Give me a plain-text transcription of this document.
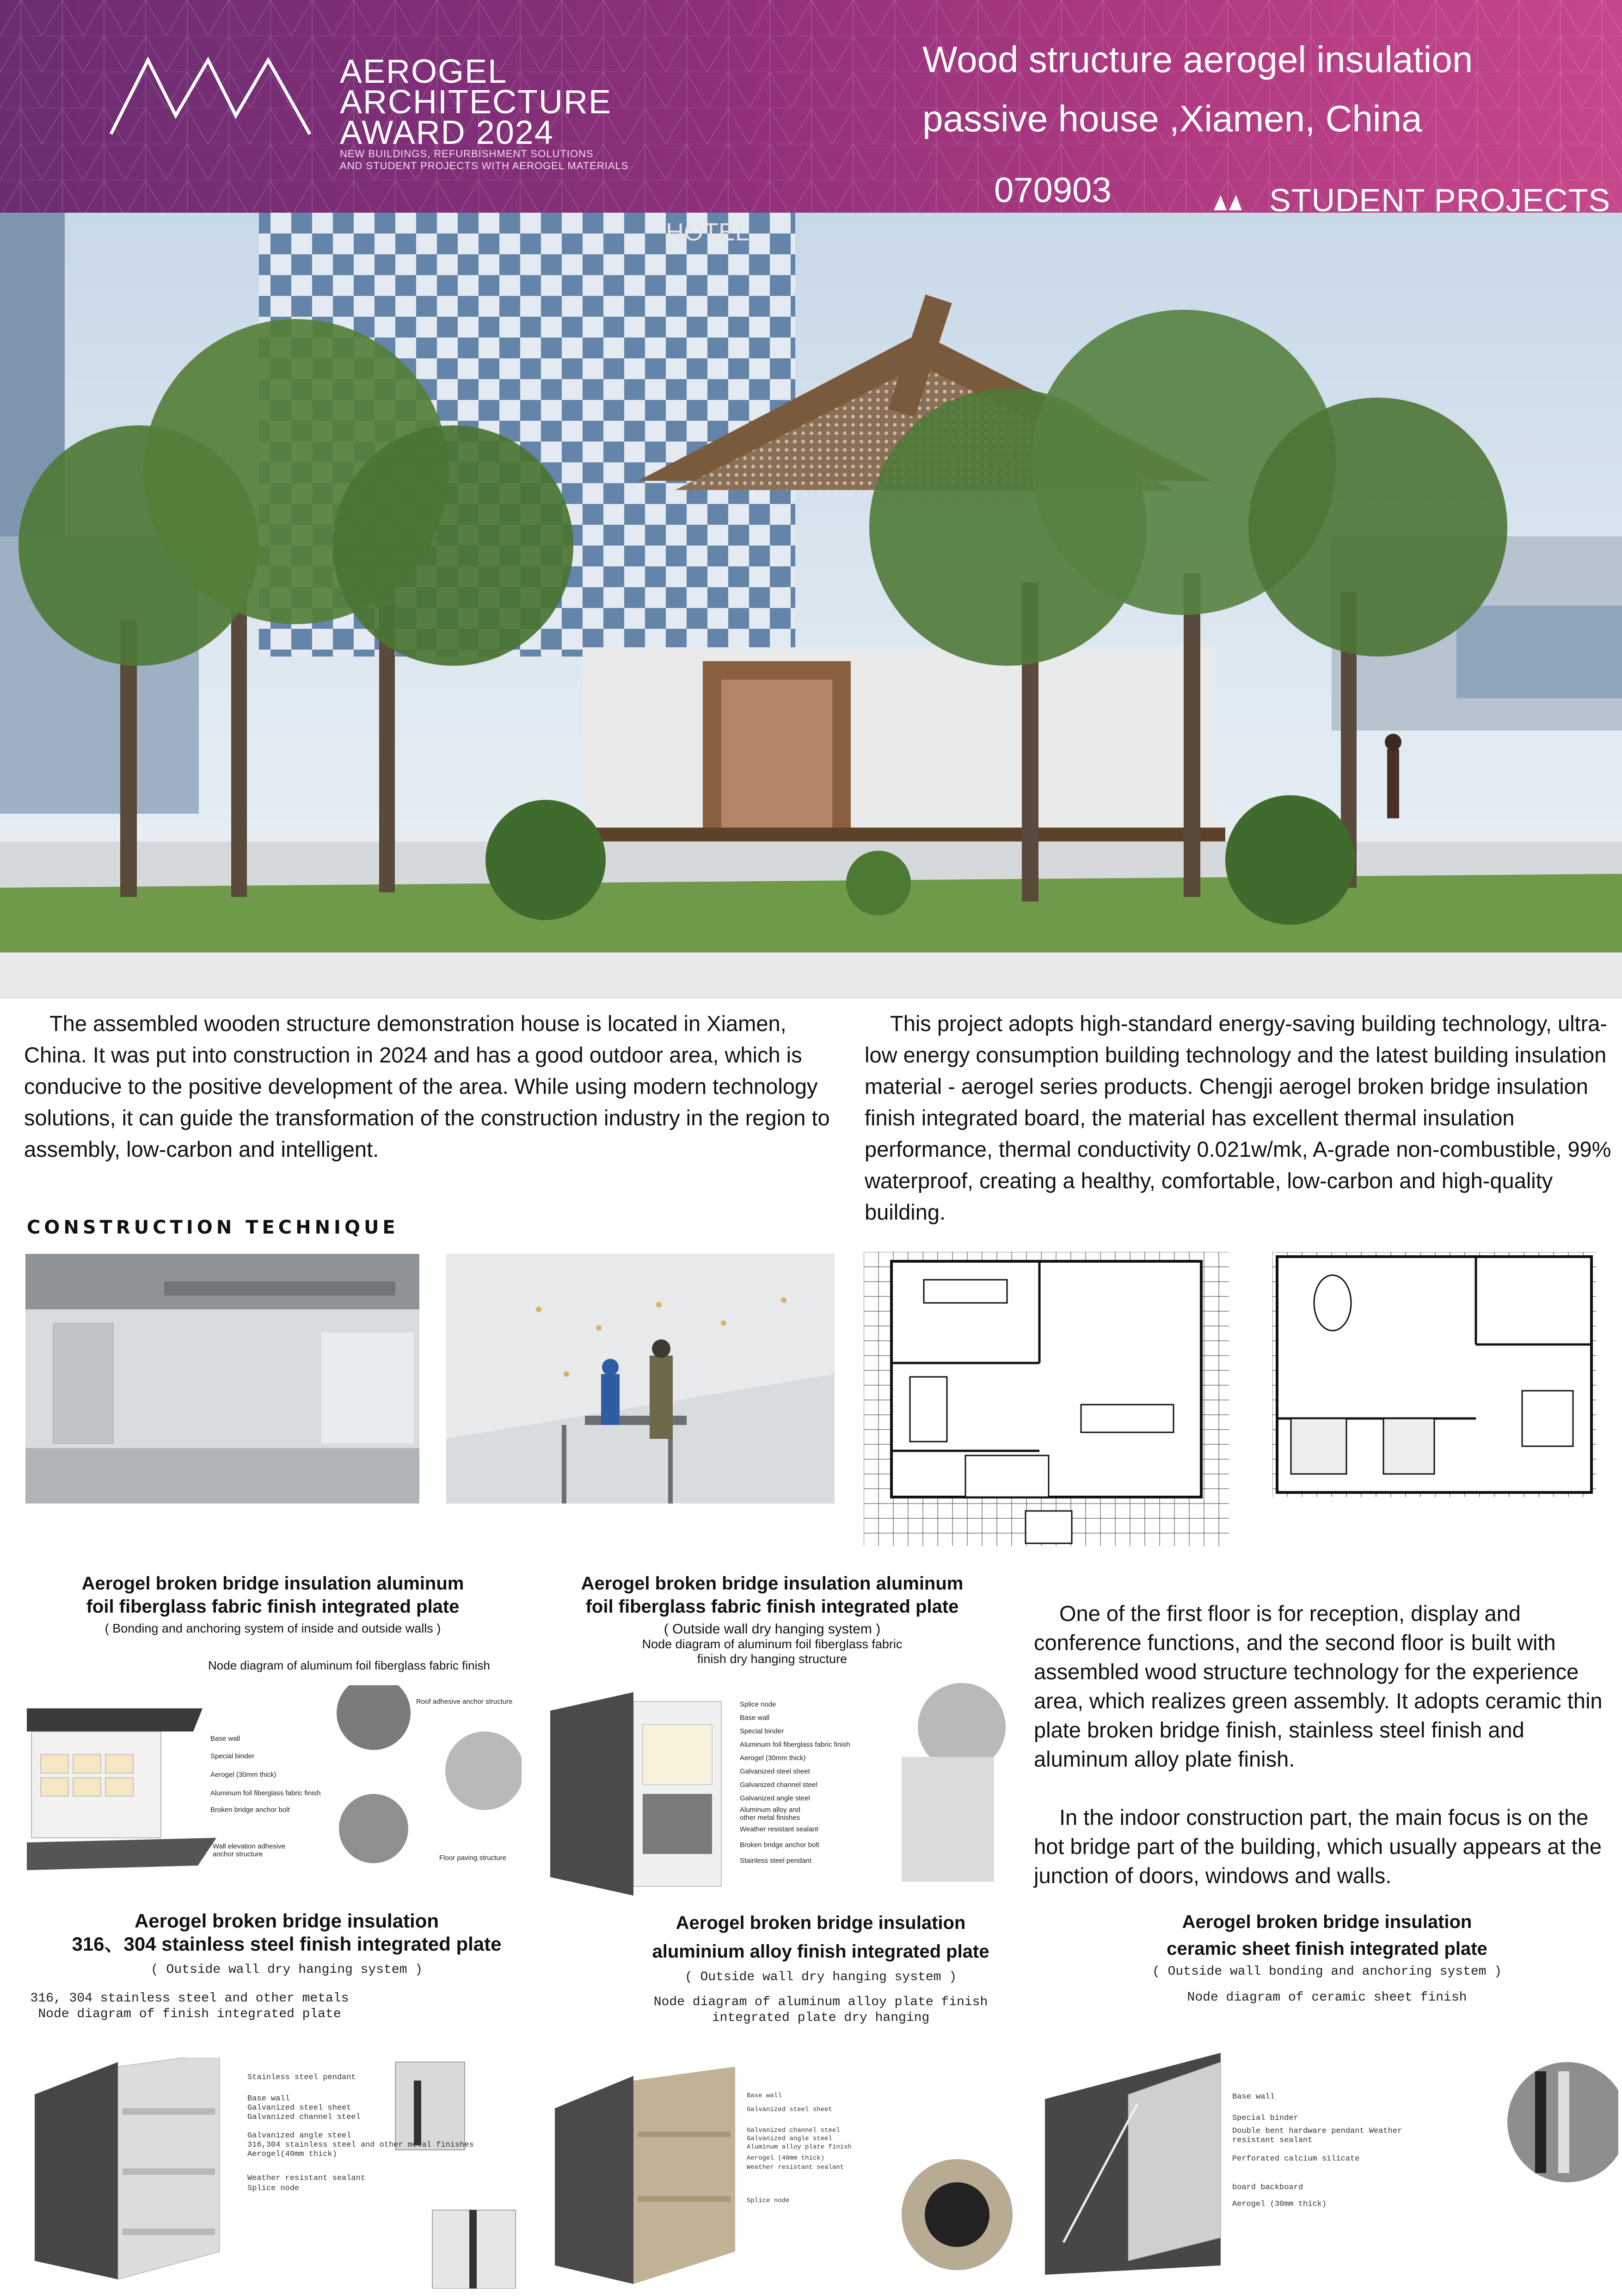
AEROGEL
ARCHITECTURE
AWARD 2024
NEW BUILDINGS, REFURBISHMENT SOLUTIONS
AND STUDENT PROJECTS WITH AEROGEL MATERIALS
Wood structure aerogel insulation
passive house ,Xiamen, China
070903	STUDENT PROJECTS
HOTEL

The assembled wooden structure demonstration house is located in Xiamen, China. It was put into construction in 2024 and has a good outdoor area, which is conducive to the positive development of the area. While using modern technology solutions, it can guide the transformation of the construction industry in the region to assembly, low-carbon and intelligent.

This project adopts high-standard energy-saving building technology, ultra-low energy consumption building technology and the latest building insulation material - aerogel series products. Chengji aerogel broken bridge insulation finish integrated board, the material has excellent thermal insulation performance, thermal conductivity 0.021w/mk, A-grade non-combustible, 99% waterproof, creating a healthy, comfortable, low-carbon and high-quality building.

CONSTRUCTION TECHNIQUE

One of the first floor is for reception, display and conference functions, and the second floor is built with assembled wood structure technology for the experience area, which realizes green assembly. It adopts ceramic thin plate broken bridge finish, stainless steel finish and aluminum alloy plate finish.

In the indoor construction part, the main focus is on the hot bridge part of the building, which usually appears at the junction of doors, windows and walls.

Aerogel broken bridge insulation aluminum
foil fiberglass fabric finish integrated plate
( Bonding and anchoring system of inside and outside walls )
Node diagram of aluminum foil fiberglass fabric finish
Roof adhesive anchor structure
Base wall
Special binder
Aerogel (30mm thick)
Aluminum foil fiberglass fabric finish
Broken bridge anchor bolt
Wall elevation adhesive anchor structure	Floor paving structure
Aerogel broken bridge insulation aluminum
foil fiberglass fabric finish integrated plate
( Outside wall dry hanging system )
Node diagram of aluminum foil fiberglass fabric
finish dry hanging structure
Splice node
Base wall
Special binder
Aluminum foil fiberglass fabric finish
Aerogel (30mm thick)
Galvanized steel sheet
Galvanized channel steel
Galvanized angle steel
Aluminum alloy and other metal finishes
Weather resistant sealant
Broken bridge anchor bolt
Stainless steel pendant
Aerogel broken bridge insulation
316、304 stainless steel finish integrated plate
( Outside wall dry hanging system )
316, 304 stainless steel and other metals
Node diagram of finish integrated plate
Stainless steel pendant
Base wall
Galvanized steel sheet
Galvanized channel steel
Galvanized angle steel
316,304 stainless steel and other metal finishes
Aerogel(40mm thick)
Weather resistant sealant
Splice node
Aerogel broken bridge insulation
aluminium alloy finish integrated plate
( Outside wall dry hanging system )
Node diagram of aluminum alloy plate finish
integrated plate dry hanging
Base wall
Galvanized steel sheet
Galvanized channel steel
Galvanized angle steel
Aluminum alloy plate finish
Aerogel (40mm thick)
Weather resistant sealant
Splice node
Aerogel broken bridge insulation
ceramic sheet finish integrated plate
( Outside wall bonding and anchoring system )
Node diagram of ceramic sheet finish
Base wall
Special binder
Double bent hardware pendant Weather resistant sealant
Perforated calcium silicate
board backboard
Aerogel (30mm thick)
